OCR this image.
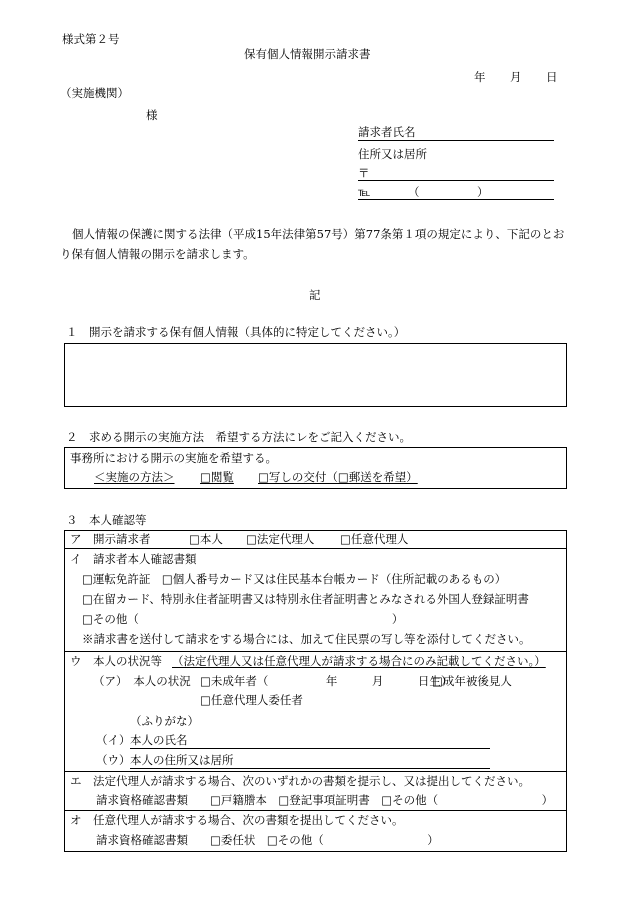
様式第２号
保有個人情報開示請求書
年 月 日
（実施機関）
様
請求者氏名
住所又は居所
〒
℡	（　　　　　）
個人情報の保護に関する法律（平成15年法律第57号）第77条第１項の規定により、下記のとお
り保有個人情報の開示を請求します。
記
１　開示を請求する保有個人情報（具体的に特定してください。）
２　求める開示の実施方法　希望する方法にレをご記入ください。
事務所における開示の実施を希望する。
＜実施の方法＞ □閲覧 □写しの交付（□郵送を希望）
３　本人確認等
ア　開示請求者	□本人 □法定代理人 □任意代理人
イ　請求者本人確認書類
□運転免許証　□個人番号カード又は住民基本台帳カード（住所記載のあるもの）
□在留カード、特別永住者証明書又は特別永住者証明書とみなされる外国人登録証明書
□その他（　　　　　　　　　　　　　　　　　　　　　　）
※請求書を送付して請求をする場合には、加えて住民票の写し等を添付してください。
ウ　本人の状況等 （法定代理人又は任意代理人が請求する場合にのみ記載してください。）
（ア）　本人の状況 □未成年者（　　　　　年　　　月　　　日生）
□成年被後見人
□任意代理人委任者
（ふりがな）
（イ） 本人の氏名
（ウ） 本人の住所又は居所
エ　法定代理人が請求する場合、次のいずれかの書類を提示し、又は提出してください。
請求資格確認書類 □戸籍謄本　□登記事項証明書　□その他（　　　　　　　　　）
オ　任意代理人が請求する場合、次の書類を提出してください。
請求資格確認書類 □委任状　□その他（　　　　　　　　　）
